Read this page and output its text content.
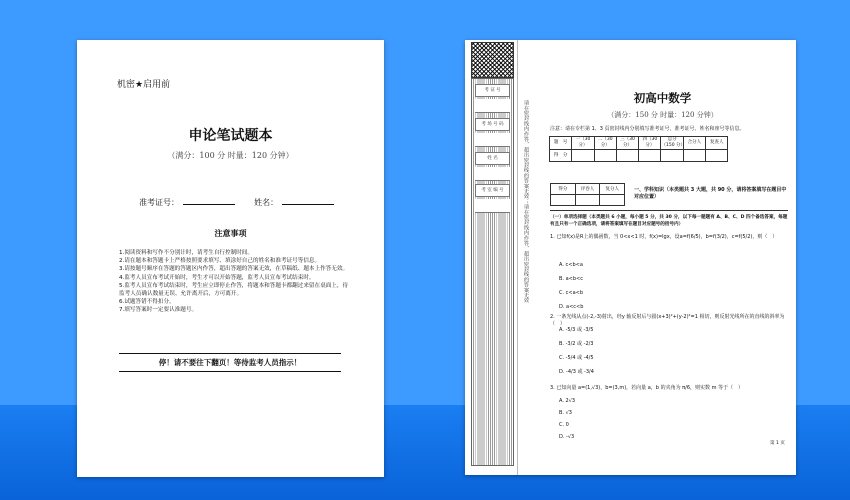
机密★启用前
申论笔试题本
（满分：100 分 时量：120 分钟）
准考证号：	姓名：
注意事项

1.阅读资料和写作不分别计时，请考生自行控制时间。

2.请在题本和答题卡上严格按照要求填写、填涂好自己的姓名和准考证号等信息。

3.请按题号顺序在答题的答题区内作答，超出答题的答案无效，在草稿纸、题本上作答无效。

4.监考人员宣布考试开始时，考生才可以开始答题，监考人员宣布考试结束时。

5.监考人员宣布考试结束时，考生应立即停止作答，将题本和答题卡都翻过来留在桌面上，待

监考人员确认数量无误、允许离开后，方可离开。

6.试题答错不得扣分。

7.填写答案时一定要认准题号。

停！请不要往下翻页！等待监考人员指示！
考 证 号
考 场 号 码
姓 名
考 室 编 号	请在密封线内作答，超出密封线的答案无效；请在密封线内作答，超出密封线的答案无效
初高中数学
（满分：150 分 时量：120 分钟）
注意：请在专栏第 1、3 页密封线内分别填写准考证号，准考证号、姓名和座号等信息。
题　号	一（30 分）	二（30 分）	三（30 分）	四（30 分）	总分（150 分）	合分人	复查人
得　分							
得分	评卷人	复分人
			一、学科知识（本类题共 3 大题，共 90 分，请将答案填写在题目中对应位置）
（一）单项选择题（本类题共 6 小题，每小题 5 分，共 30 分，以下每一题题有 A、B、C、D 四个备选答案，每题有且只有一个正确选项，请将答案填写在题目对应题号的括号内）
1. 已知f(x)是R上的偶函数，当 0<x<1 时，f(x)=lgx，设a=f(6/5)，b=f(3/2)，c=f(5/2)，则（　）
A. c<b<a
B. a<b<c
C. c<a<b
D. a<c<b
2. 一条光线从点(-2,-3)射出，经y 轴反射后与圆(x+3)²+(y-2)²=1 相切，则反射光线所在的直线的斜率为（　）
A. -5/3 或 -3/5
B. -3/2 或 -2/3
C. -5/4 或 -4/5
D. -4/3 或 -3/4
3. 已知向量 a=(1,√3)，b=(3,m)，若向量 a，b 的夹角为 π/6，则实数 m 等于（　）
A. 2√3
B. √3
C. 0
D. -√3
第 1 页
